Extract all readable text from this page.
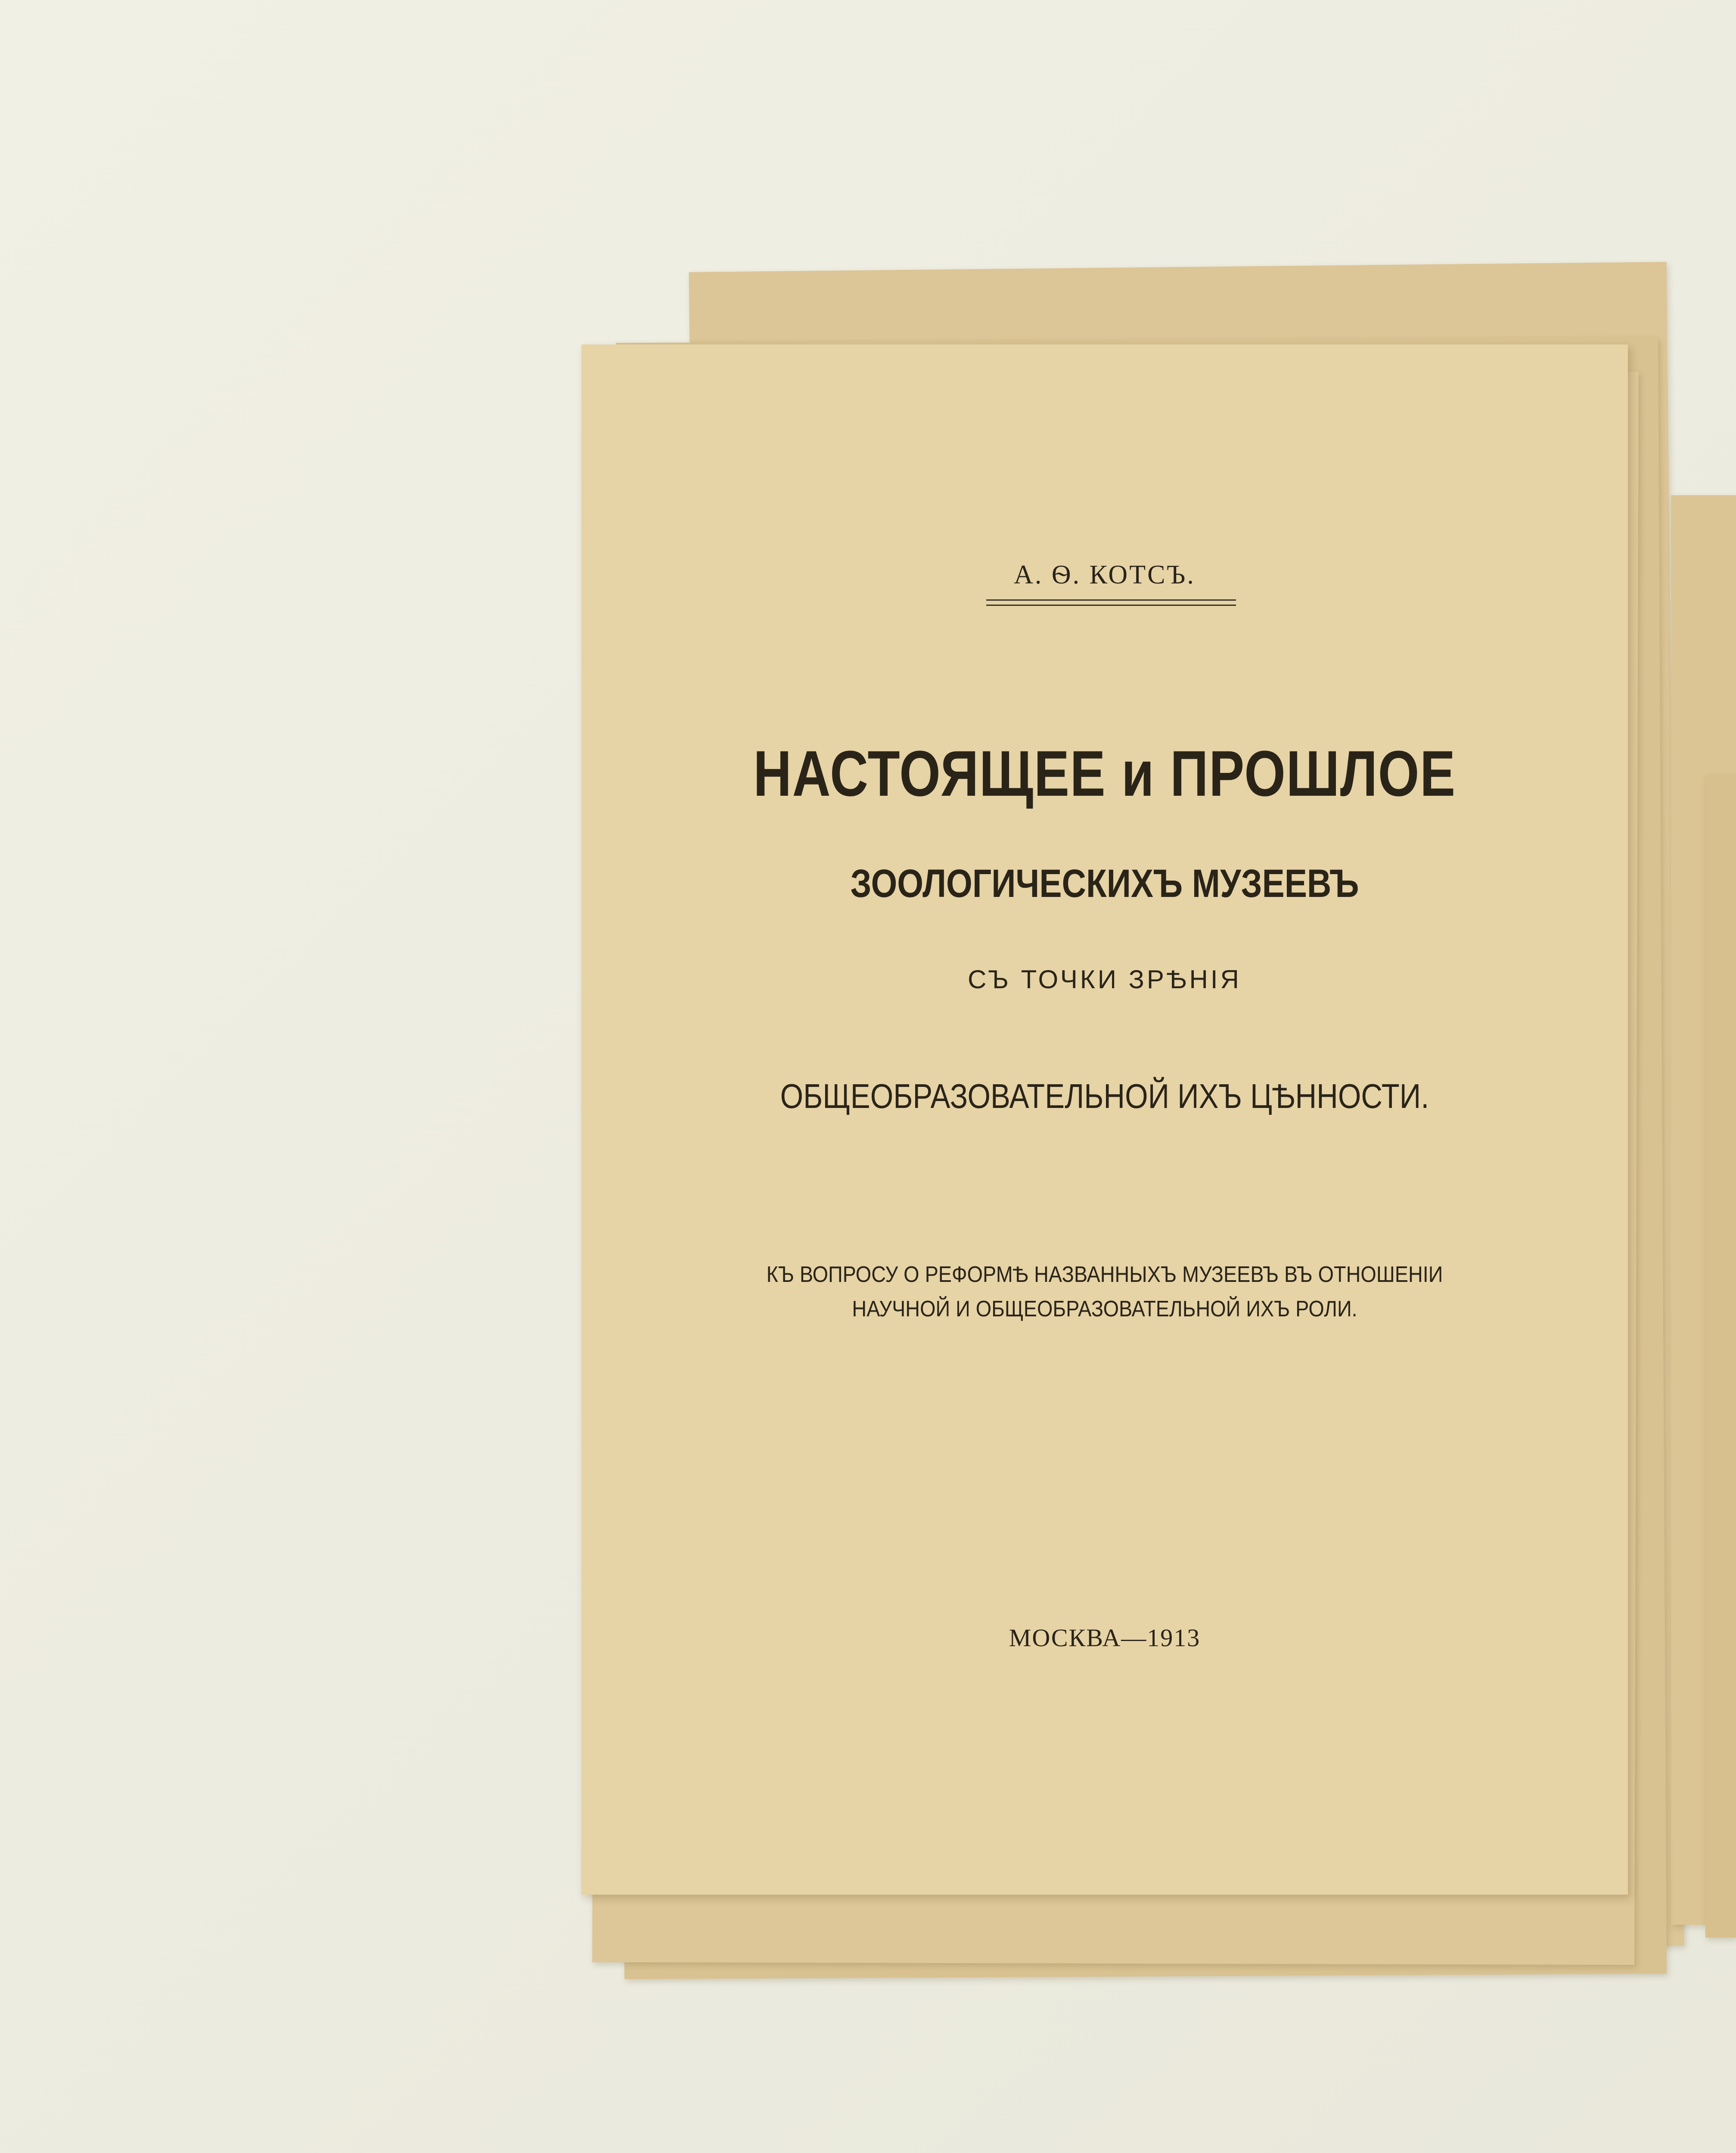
А. Ѳ. КОТСЪ.
НАСТОЯЩЕЕ и ПРОШЛОЕ
ЗООЛОГИЧЕСКИХЪ МУЗЕЕВЪ
СЪ ТОЧКИ ЗРѢНІЯ
ОБЩЕОБРАЗОВАТЕЛЬНОЙ ИХЪ ЦѢННОСТИ.
КЪ ВОПРОСУ О РЕФОРМѢ НАЗВАННЫХЪ МУЗЕЕВЪ ВЪ ОТНОШЕНІИ
НАУЧНОЙ И ОБЩЕОБРАЗОВАТЕЛЬНОЙ ИХЪ РОЛИ.
МОСКВА—1913
